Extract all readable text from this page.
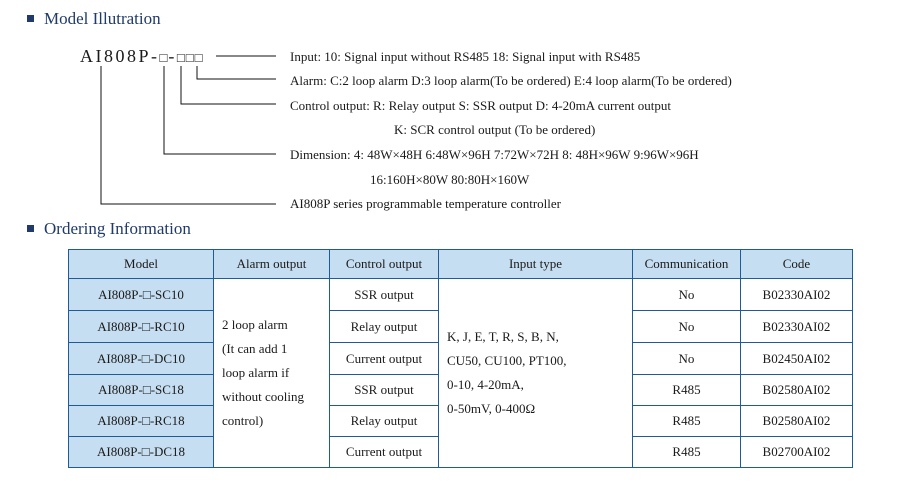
Model Illutration
AI808P-□-□□□	Input: 10: Signal input without RS485 18: Signal input with RS485
Alarm: C:2 loop alarm D:3 loop alarm(To be ordered) E:4 loop alarm(To be ordered)
Control output: R: Relay output S: SSR output D: 4-20mA current output
K: SCR control output (To be ordered)
Dimension: 4: 48W×48H 6:48W×96H 7:72W×72H 8: 48H×96W 9:96W×96H
16:160H×80W 80:80H×160W
AI808P series programmable temperature controller
Ordering Information
Model	Alarm output	Control output	Input type	Communication	Code
AI808P-□-SC10	2 loop alarm
(It can add 1
loop alarm if
without cooling
control)	SSR output	K, J, E, T, R, S, B, N,
CU50, CU100, PT100,
0-10, 4-20mA,
0-50mV, 0-400Ω	No	B02330AI02
AI808P-□-RC10		Relay output		No	B02330AI02
AI808P-□-DC10		Current output		No	B02450AI02
AI808P-□-SC18		SSR output		R485	B02580AI02
AI808P-□-RC18		Relay output		R485	B02580AI02
AI808P-□-DC18		Current output		R485	B02700AI02
